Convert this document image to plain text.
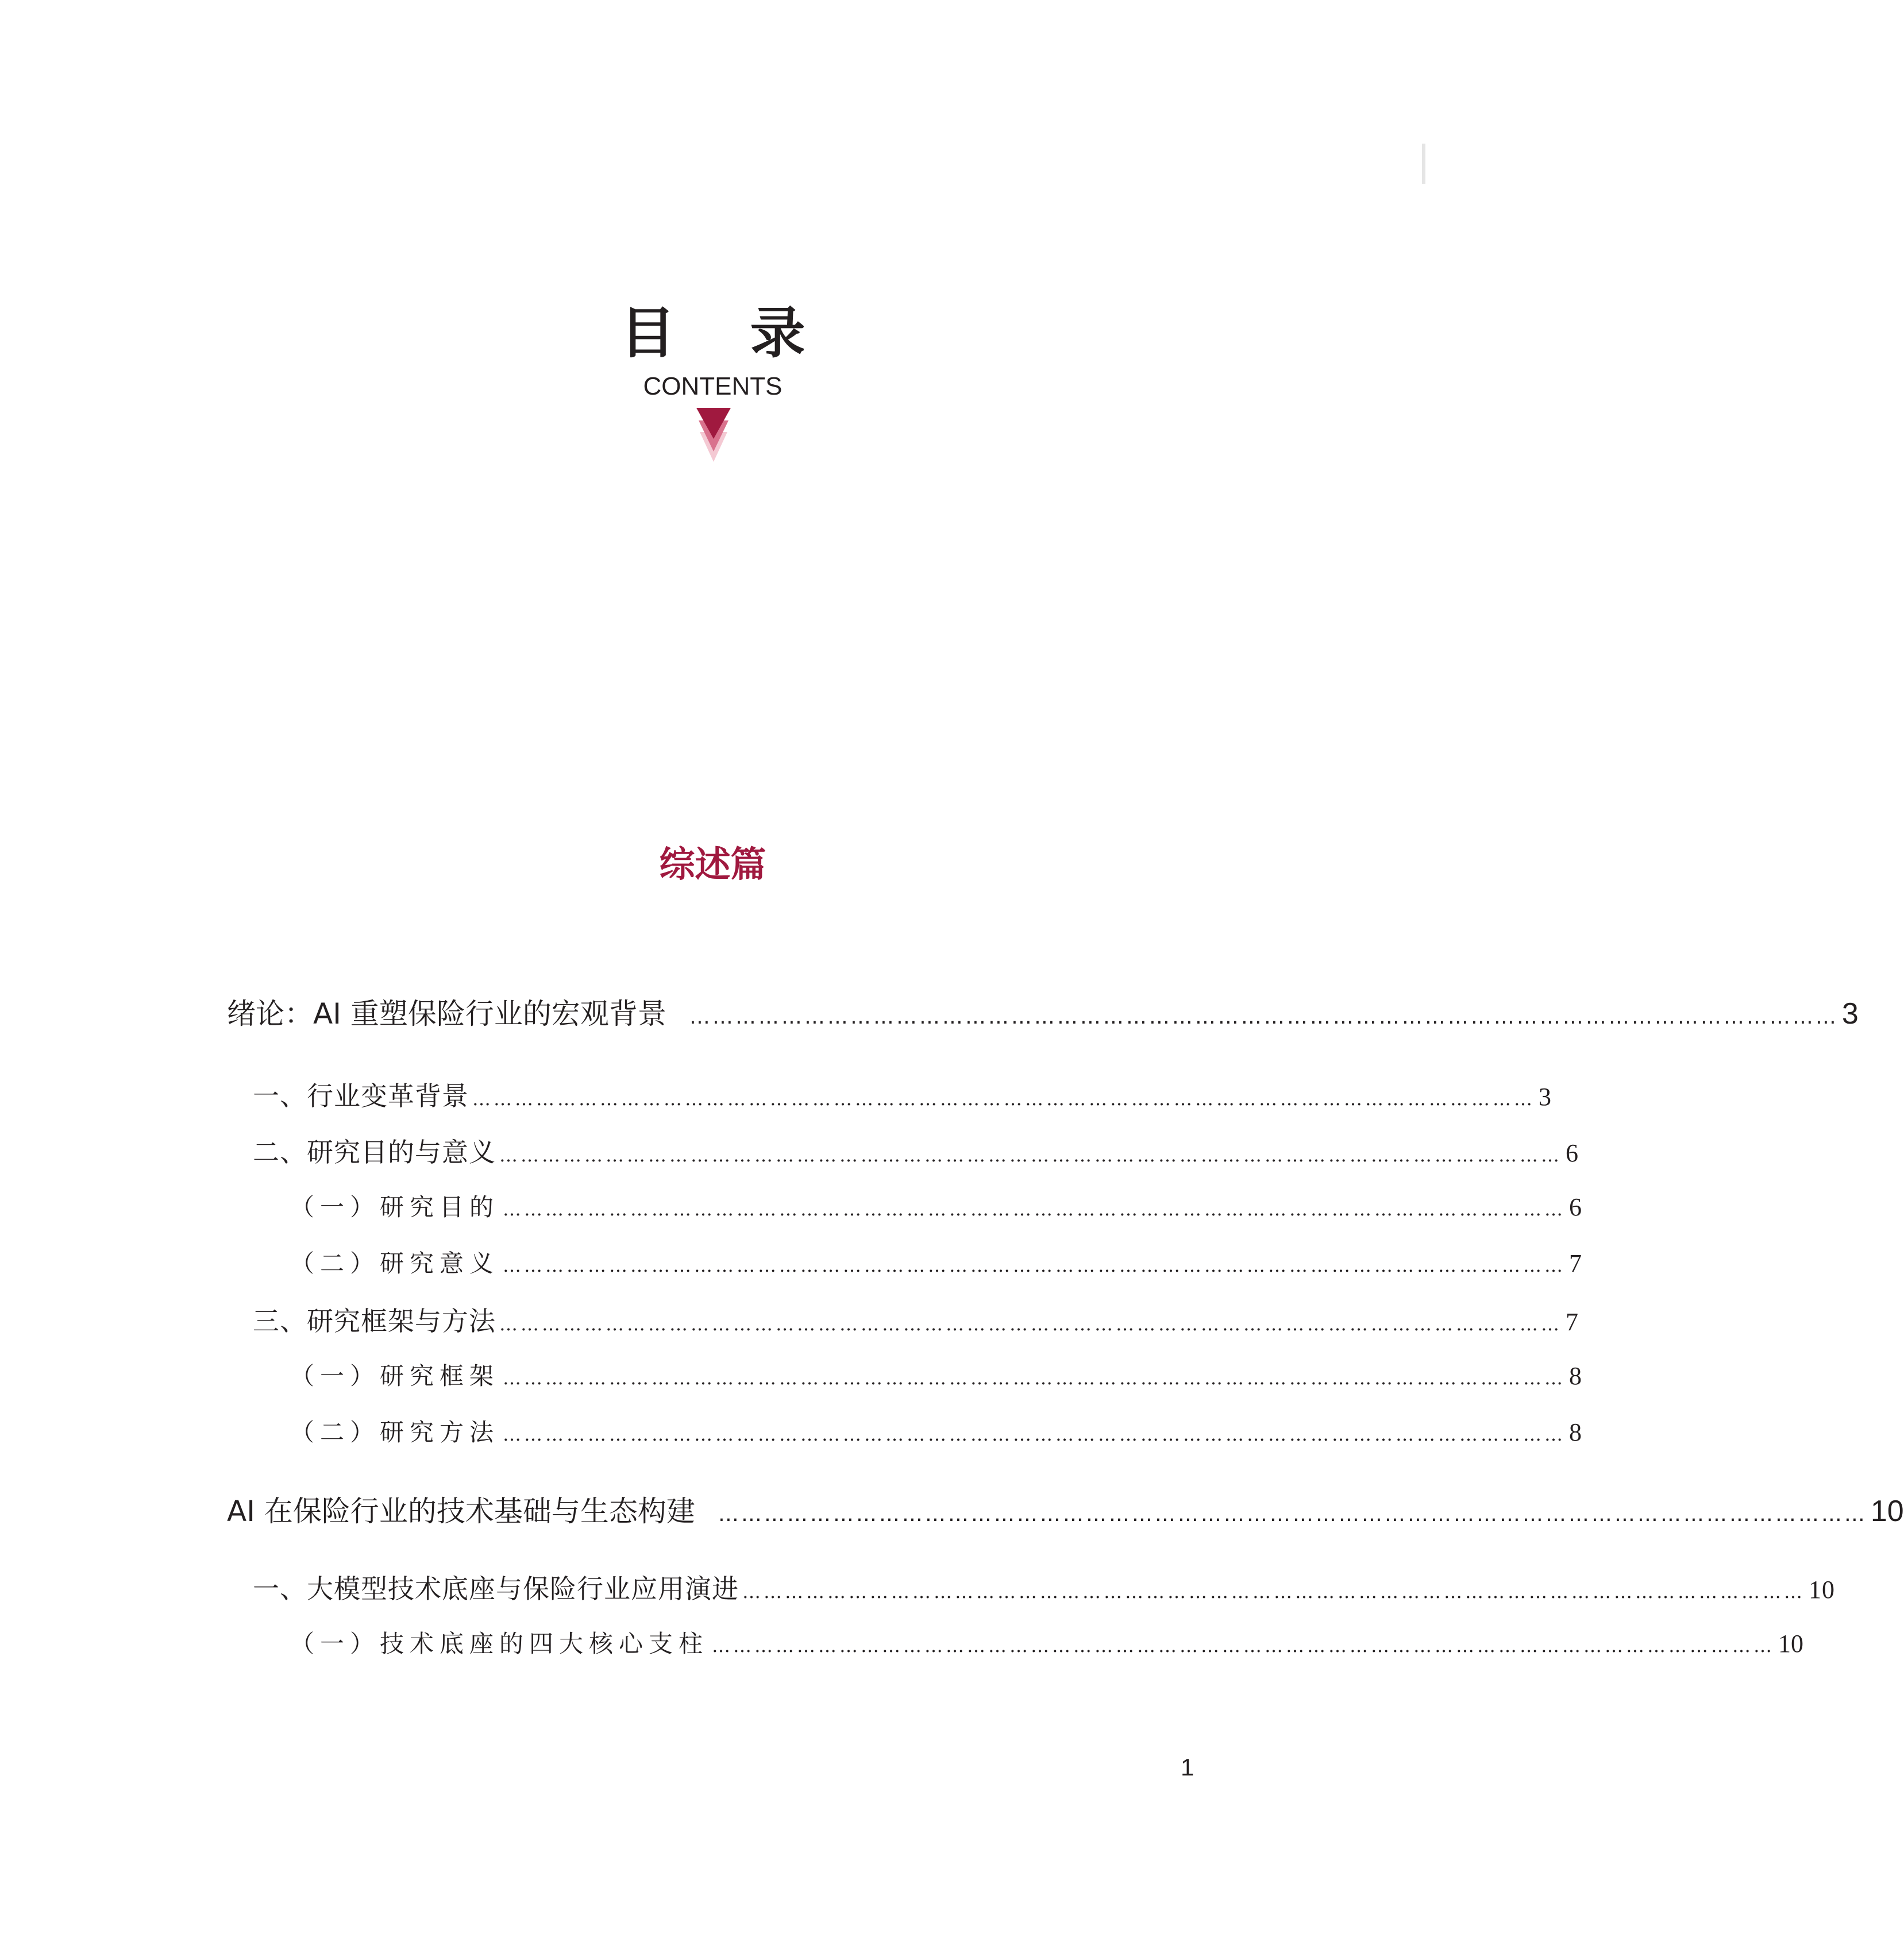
目录
CONTENTS
综述篇
绪论：AI 重塑保险行业的宏观背景 …………………………………………………………………………………………………………………………………… 3
一、行业变革背景 …………………………………………………………………………………………………………………………………… 3
二、研究目的与意义 …………………………………………………………………………………………………………………………………… 6
（一）研究目的 …………………………………………………………………………………………………………………………………… 6
（二）研究意义 …………………………………………………………………………………………………………………………………… 7
三、研究框架与方法 …………………………………………………………………………………………………………………………………… 7
（一）研究框架 …………………………………………………………………………………………………………………………………… 8
（二）研究方法 …………………………………………………………………………………………………………………………………… 8
AI 在保险行业的技术基础与生态构建 …………………………………………………………………………………………………………………………………… 10
一、大模型技术底座与保险行业应用演进 …………………………………………………………………………………………………………………………………… 10
（一）技术底座的四大核心支柱 …………………………………………………………………………………………………………………………………… 10
1
